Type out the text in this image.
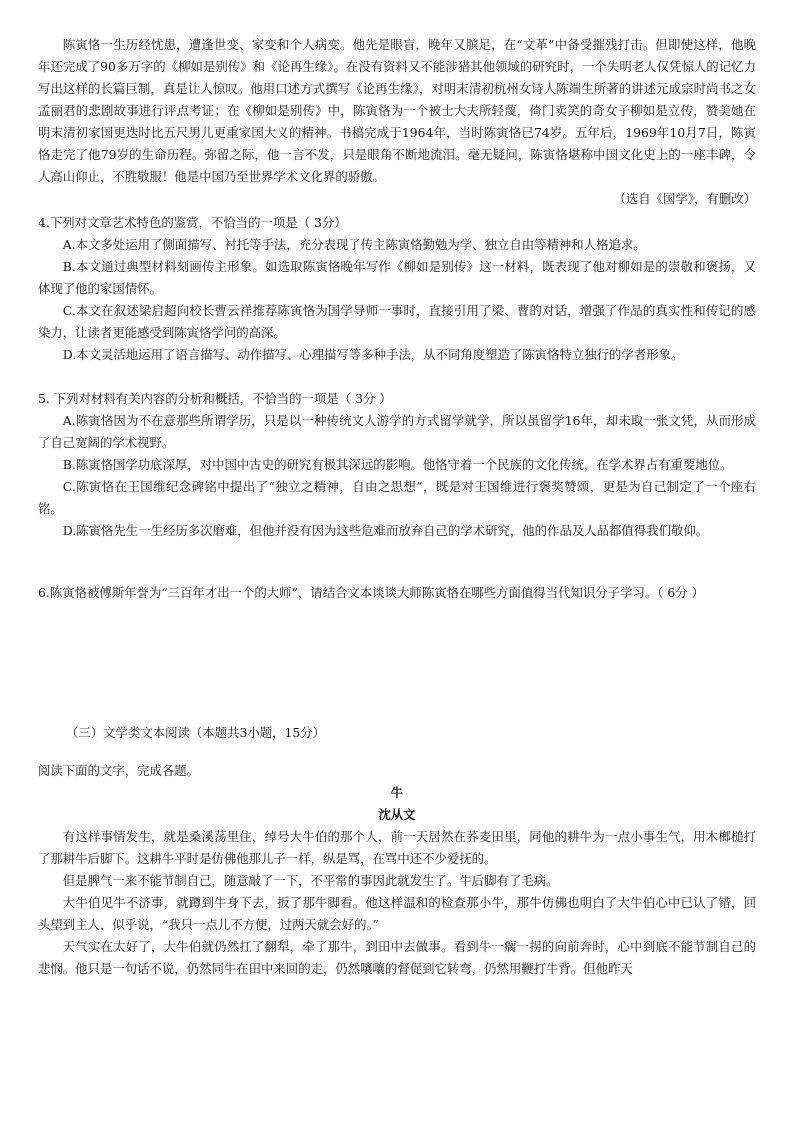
陈寅恪一生历经忧患，遭逢世变、家变和个人病变。他先是眼盲，晚年又膑足，在“文革”中备受摧残打击。但即使这样，他晚年还完成了90多万字的《柳如是别传》和《论再生缘》。在没有资料又不能涉猎其他领域的研究时，一个失明老人仅凭惊人的记忆力写出这样的长篇巨制，真是让人惊叹。他用口述方式撰写《论再生缘》，对明末清初杭州女诗人陈端生所著的讲述元成宗时尚书之女孟丽君的悲剧故事进行评点考证；在《柳如是别传》中，陈寅恪为一个被士大夫所轻蔑，倚门卖笑的奇女子柳如是立传，赞美她在明末清初家国更迭时比五尺男儿更重家国大义的精神。书稿完成于1964年，当时陈寅恪已74岁。五年后，1969年10月7日，陈寅恪走完了他79岁的生命历程。弥留之际，他一言不发，只是眼角不断地流泪。毫无疑问，陈寅恪堪称中国文化史上的一座丰碑，令人高山仰止，不胜敬服！他是中国乃至世界学术文化界的骄傲。

（选自《国学》，有删改）

4.下列对文章艺术特色的鉴赏，不恰当的一项是（ 3分）

A.本文多处运用了侧面描写、衬托等手法，充分表现了传主陈寅恪勤勉为学、独立自由等精神和人格追求。

B.本文通过典型材料刻画传主形象。如选取陈寅恪晚年写作《柳如是别传》这一材料，既表现了他对柳如是的崇敬和褒扬，又体现了他的家国情怀。

C.本文在叙述梁启超向校长曹云祥推荐陈寅恪为国学导师一事时，直接引用了梁、曹的对话，增强了作品的真实性和传记的感染力，让读者更能感受到陈寅恪学问的高深。

D.本文灵活地运用了语言描写、动作描写、心理描写等多种手法，从不同角度塑造了陈寅恪特立独行的学者形象。

5. 下列对材料有关内容的分析和概括，不恰当的一项是（ 3分 ）

A.陈寅恪因为不在意那些所谓学历，只是以一种传统文人游学的方式留学就学，所以虽留学16年，却未取一张文凭，从而形成了自己宽阔的学术视野。

B.陈寅恪国学功底深厚，对中国中古史的研究有极其深远的影响。他恪守着一个民族的文化传统，在学术界占有重要地位。

C.陈寅恪在王国维纪念碑铭中提出了“独立之精神，自由之思想”，既是对王国维进行褒奖赞颂，更是为自己制定了一个座右铭。

D.陈寅恪先生一生经历多次磨难，但他并没有因为这些危难而放弃自己的学术研究，他的作品及人品都值得我们敬仰。

6.陈寅恪被傅斯年誉为“三百年才出一个的大师”，请结合文本谈谈大师陈寅恪在哪些方面值得当代知识分子学习。（ 6分 ）

（三）文学类文本阅读（本题共3小题，15分）

阅读下面的文字，完成各题。

牛

沈从文

有这样事情发生，就是桑溪荡里住，绰号大牛伯的那个人，前一天居然在荞麦田里，同他的耕牛为一点小事生气，用木榔槌打了那耕牛后脚下。这耕牛平时是仿佛他那儿子一样，纵是骂，在骂中还不少爱抚的。

但是脾气一来不能节制自己，随意敲了一下，不平常的事因此就发生了。牛后脚有了毛病。

大牛伯见牛不济事，就蹲到牛身下去，扳了那牛脚看。他这样温和的检查那小牛，那牛仿佛也明白了大牛伯心中已认了错，回头望到主人，似乎说，“我只一点儿不方便，过两天就会好的。”

天气实在太好了，大牛伯就仍然扛了翻犁，牵了那牛，到田中去做事。看到牛一瘸一拐的向前奔时，心中到底不能节制自己的悲悯。他只是一句话不说，仍然同牛在田中来回的走，仍然嚷嚷的督促到它转弯，仍然用鞭打牛背。但他昨天
